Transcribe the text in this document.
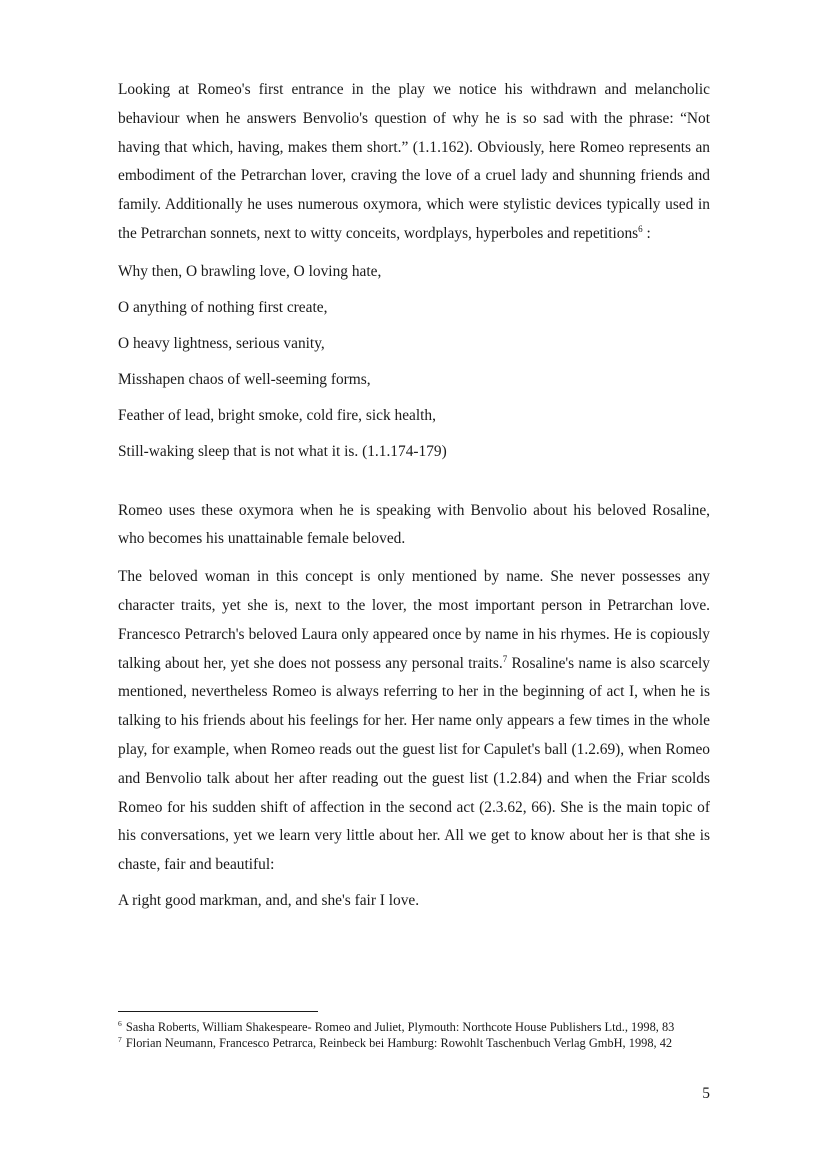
Looking at Romeo's first entrance in the play we notice his withdrawn and melancholic behaviour when he answers Benvolio's question of why he is so sad with the phrase: “Not having that which, having, makes them short.” (1.1.162). Obviously, here Romeo represents an embodiment of the Petrarchan lover, craving the love of a cruel lady and shunning friends and family. Additionally he uses numerous oxymora, which were stylistic devices typically used in the Petrarchan sonnets, next to witty conceits, wordplays, hyperboles and repetitions$^6$ :

Why then, O brawling love, O loving hate,

O anything of nothing first create,

O heavy lightness, serious vanity,

Misshapen chaos of well-seeming forms,

Feather of lead, bright smoke, cold fire, sick health,

Still-waking sleep that is not what it is. (1.1.174-179)

Romeo uses these oxymora when he is speaking with Benvolio about his beloved Rosaline, who becomes his unattainable female beloved.

The beloved woman in this concept is only mentioned by name. She never possesses any character traits, yet she is, next to the lover, the most important person in Petrarchan love. Francesco Petrarch's beloved Laura only appeared once by name in his rhymes. He is copiously talking about her, yet she does not possess any personal traits.$^7$ Rosaline's name is also scarcely mentioned, nevertheless Romeo is always referring to her in the beginning of act I, when he is talking to his friends about his feelings for her. Her name only appears a few times in the whole play, for example, when Romeo reads out the guest list for Capulet's ball (1.2.69), when Romeo and Benvolio talk about her after reading out the guest list (1.2.84) and when the Friar scolds Romeo for his sudden shift of affection in the second act (2.3.62, 66). She is the main topic of his conversations, yet we learn very little about her. All we get to know about her is that she is chaste, fair and beautiful:

A right good markman, and, and she's fair I love.

$^6$ Sasha Roberts, William Shakespeare- Romeo and Juliet, Plymouth: Northcote House Publishers Ltd., 1998, 83

$^7$ Florian Neumann, Francesco Petrarca, Reinbeck bei Hamburg: Rowohlt Taschenbuch Verlag GmbH, 1998, 42

5
